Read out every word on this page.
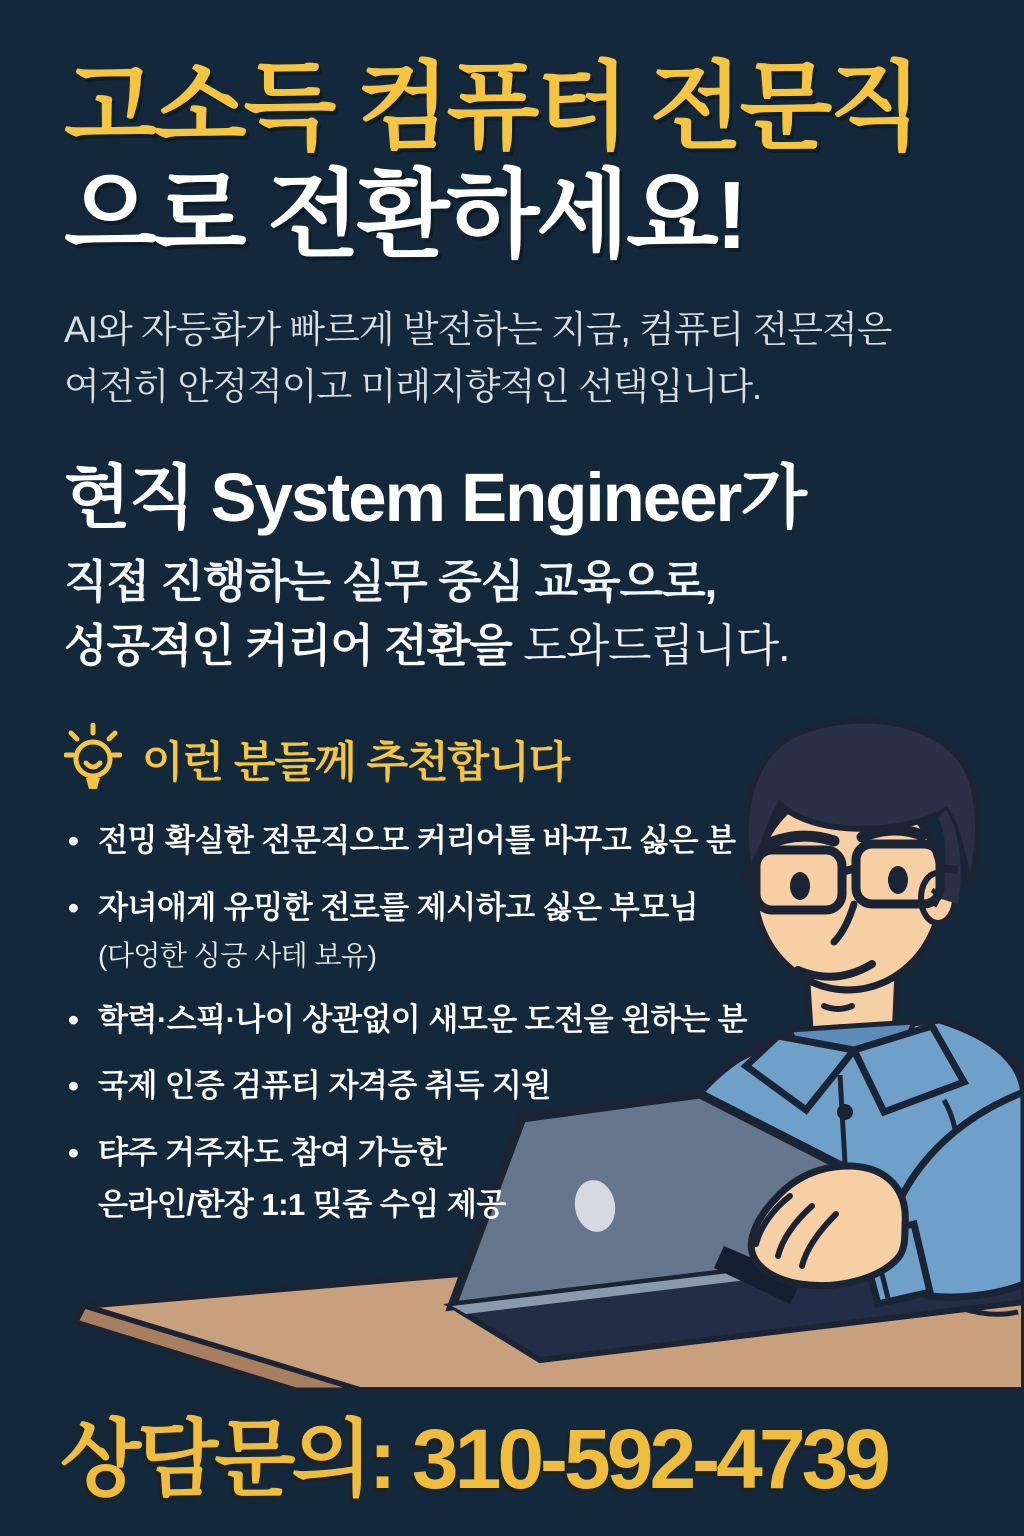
고소득 컴퓨터 전문직
으로 전환하세요!
AI와 자등화가 빠르게 발전하는 지금, 컴퓨티 전믄적은
여전히 안정적이고 미래지향적인 선택입니다.
현직 System Engineer가
직접 진행하는 실무 중심 교육으로,
성공적인 커리어 전환을 도와드립니다.
이런 분들께 추천합니다
• 전밍 확실한 전문직으모 커리어틀 바꾸고 싫은 분
• 자녀애게 유밍한 전로를 제시하고 싫은 부모님
(다엉한 싱긍 사테 보유)
• 학력·스픽·나이 상관없이 새모운 도전읕 윈하는 분
• 국제 인증 검퓨티 자격증 취득 지원
• 탸주 거주자도 참여 가능한
은라인/한장 1:1 밎줌 수임 제공
상담문의: 310-592-4739
